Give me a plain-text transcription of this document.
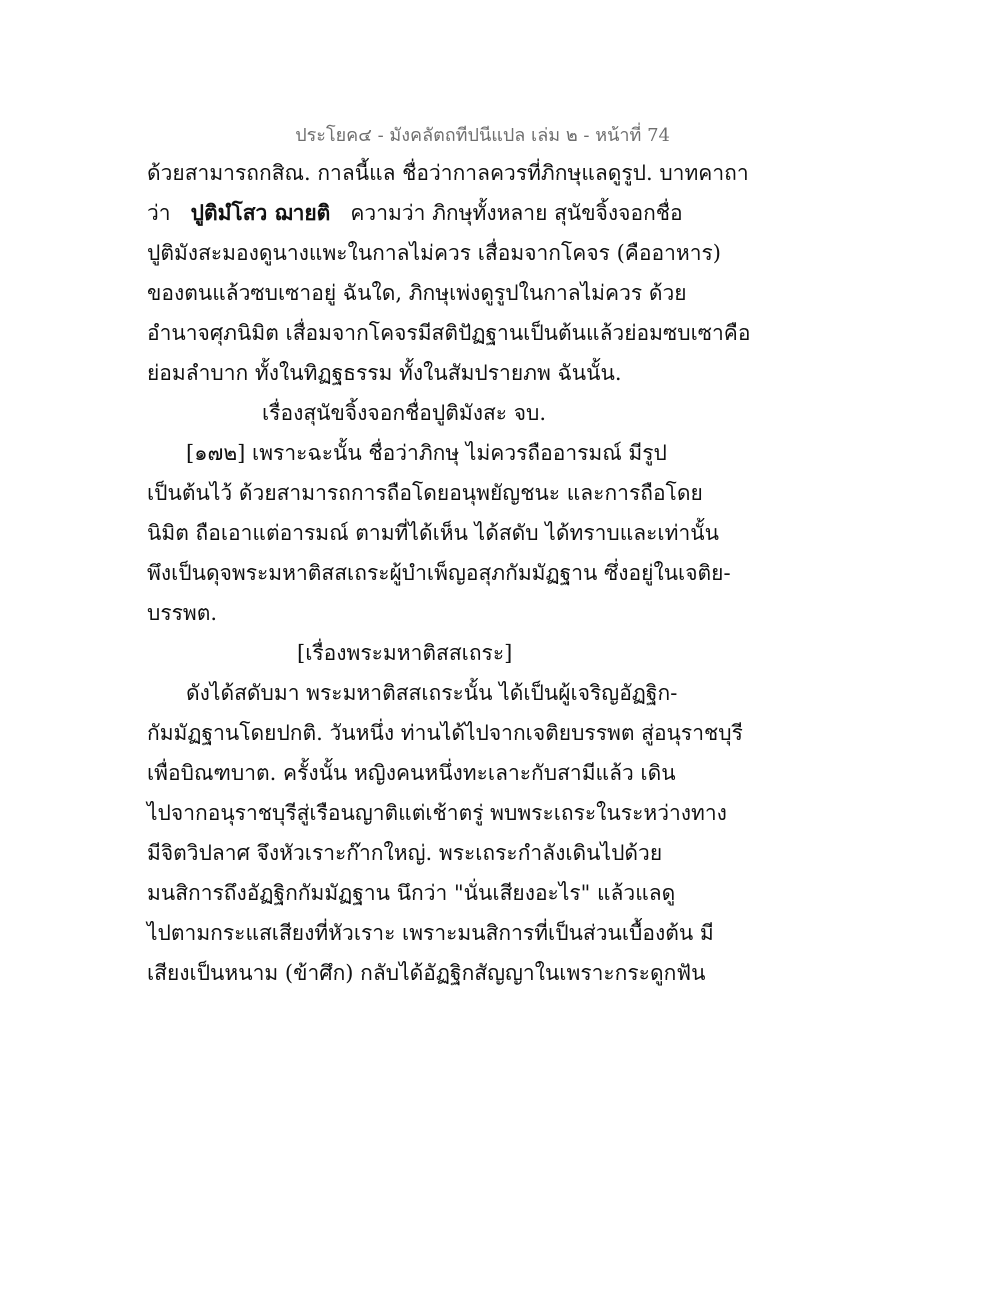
ประโยค๔ - มังคลัตถทีปนีแปล เล่ม ๒ - หน้าที่ 74
ด้วยสามารถกสิณ. กาลนี้แล ชื่อว่ากาลควรที่ภิกษุแลดูรูป. บาทคาถา
ว่า ปูติมํโสว ฌายติ ความว่า ภิกษุทั้งหลาย สุนัขจิ้งจอกชื่อ
ปูติมังสะมองดูนางแพะในกาลไม่ควร เสื่อมจากโคจร (คืออาหาร)
ของตนแล้วซบเซาอยู่ ฉันใด, ภิกษุเพ่งดูรูปในกาลไม่ควร ด้วย
อำนาจศุภนิมิต เสื่อมจากโคจรมีสติปัฏฐานเป็นต้นแล้วย่อมซบเซาคือ
ย่อมลำบาก ทั้งในทิฏฐธรรม ทั้งในสัมปรายภพ ฉันนั้น.
เรื่องสุนัขจิ้งจอกชื่อปูติมังสะ จบ.
[๑๗๒] เพราะฉะนั้น ชื่อว่าภิกษุ ไม่ควรถืออารมณ์ มีรูป
เป็นต้นไว้ ด้วยสามารถการถือโดยอนุพยัญชนะ และการถือโดย
นิมิต ถือเอาแต่อารมณ์ ตามที่ได้เห็น ได้สดับ ได้ทราบและเท่านั้น
พึงเป็นดุจพระมหาติสสเถระผู้บำเพ็ญอสุภกัมมัฏฐาน ซึ่งอยู่ในเจติย-
บรรพต.
[เรื่องพระมหาติสสเถระ]
ดังได้สดับมา พระมหาติสสเถระนั้น ได้เป็นผู้เจริญอัฏฐิก-
กัมมัฏฐานโดยปกติ. วันหนึ่ง ท่านได้ไปจากเจติยบรรพต สู่อนุราชบุรี
เพื่อบิณฑบาต. ครั้งนั้น หญิงคนหนึ่งทะเลาะกับสามีแล้ว เดิน
ไปจากอนุราชบุรีสู่เรือนญาติแต่เช้าตรู่ พบพระเถระในระหว่างทาง
มีจิตวิปลาศ จึงหัวเราะก๊ากใหญ่. พระเถระกำลังเดินไปด้วย
มนสิการถึงอัฏฐิกกัมมัฏฐาน นึกว่า "นั่นเสียงอะไร" แล้วแลดู
ไปตามกระแสเสียงที่หัวเราะ เพราะมนสิการที่เป็นส่วนเบื้องต้น มี
เสียงเป็นหนาม (ข้าศึก) กลับได้อัฏฐิกสัญญาในเพราะกระดูกฟัน
